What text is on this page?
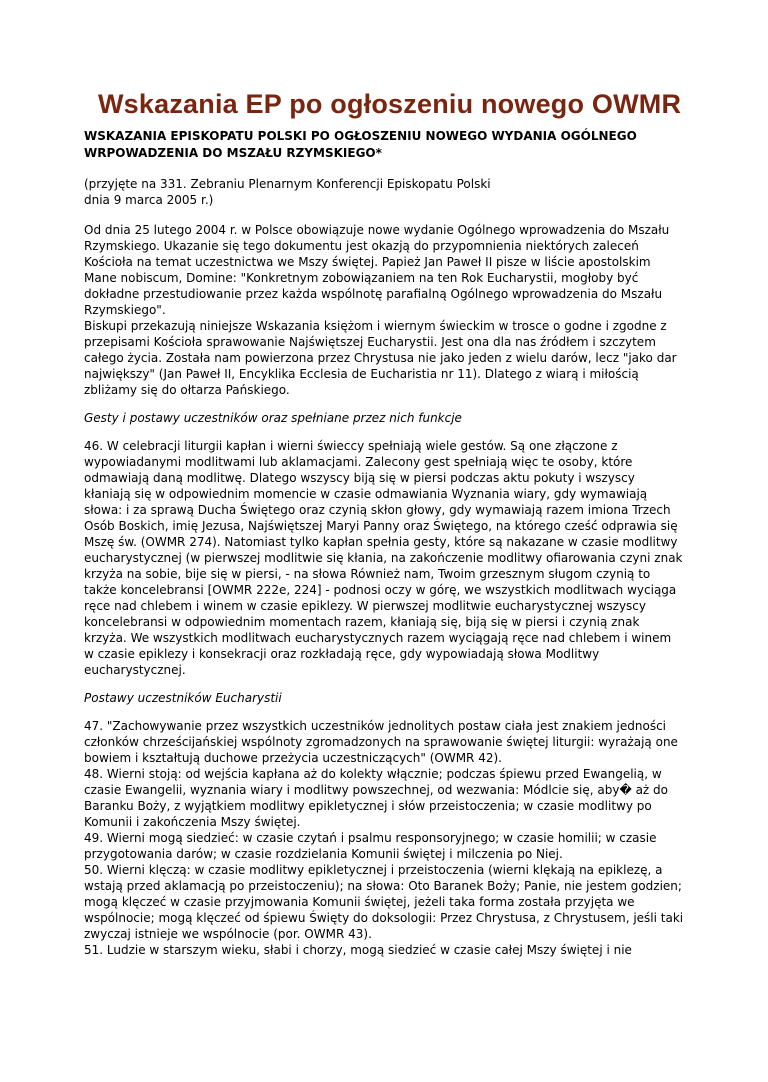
Wskazania EP po ogłoszeniu nowego OWMR
WSKAZANIA EPISKOPATU POLSKI PO OGŁOSZENIU NOWEGO WYDANIA OGÓLNEGO WRPOWADZENIA DO MSZAŁU RZYMSKIEGO*

(przyjęte na 331. Zebraniu Plenarnym Konferencji Episkopatu Polski
dnia 9 marca 2005 r.)

Od dnia 25 lutego 2004 r. w Polsce obowiązuje nowe wydanie Ogólnego wprowadzenia do Mszału Rzymskiego. Ukazanie się tego dokumentu jest okazją do przypomnienia niektórych zaleceń Kościoła na temat uczestnictwa we Mszy świętej. Papież Jan Paweł II pisze w liście apostolskim Mane nobiscum, Domine: "Konkretnym zobowiązaniem na ten Rok Eucharystii, mogłoby być dokładne przestudiowanie przez każda wspólnotę parafialną Ogólnego wprowadzenia do Mszału Rzymskiego".
Biskupi przekazują niniejsze Wskazania księżom i wiernym świeckim w trosce o godne i zgodne z przepisami Kościoła sprawowanie Najświętszej Eucharystii. Jest ona dla nas źródłem i szczytem całego życia. Została nam powierzona przez Chrystusa nie jako jeden z wielu darów, lecz "jako dar największy" (Jan Paweł II, Encyklika Ecclesia de Eucharistia nr 11). Dlatego z wiarą i miłością zbliżamy się do ołtarza Pańskiego.

Gesty i postawy uczestników oraz spełniane przez nich funkcje

46. W celebracji liturgii kapłan i wierni świeccy spełniają wiele gestów. Są one złączone z wypowiadanymi modlitwami lub aklamacjami. Zalecony gest spełniają więc te osoby, które odmawiają daną modlitwę. Dlatego wszyscy biją się w piersi podczas aktu pokuty i wszyscy kłaniają się w odpowiednim momencie w czasie odmawiania Wyznania wiary, gdy wymawiają słowa: i za sprawą Ducha Świętego oraz czynią skłon głowy, gdy wymawiają razem imiona Trzech Osób Boskich, imię Jezusa, Najświętszej Maryi Panny oraz Świętego, na którego cześć odprawia się Mszę św. (OWMR 274). Natomiast tylko kapłan spełnia gesty, które są nakazane w czasie modlitwy eucharystycznej (w pierwszej modlitwie się kłania, na zakończenie modlitwy ofiarowania czyni znak krzyża na sobie, bije się w piersi, - na słowa Również nam, Twoim grzesznym sługom czynią to także koncelebransi [OWMR 222e, 224] - podnosi oczy w górę, we wszystkich modlitwach wyciąga ręce nad chlebem i winem w czasie epiklezy. W pierwszej modlitwie eucharystycznej wszyscy koncelebransi w odpowiednim momentach razem, kłaniają się, biją się w piersi i czynią znak krzyża. We wszystkich modlitwach eucharystycznych razem wyciągają ręce nad chlebem i winem w czasie epiklezy i konsekracji oraz rozkładają ręce, gdy wypowiadają słowa Modlitwy eucharystycznej.

Postawy uczestników Eucharystii

47. "Zachowywanie przez wszystkich uczestników jednolitych postaw ciała jest znakiem jedności członków chrześcijańskiej wspólnoty zgromadzonych na sprawowanie świętej liturgii: wyrażają one bowiem i kształtują duchowe przeżycia uczestniczących" (OWMR 42).
48. Wierni stoją: od wejścia kapłana aż do kolekty włącznie; podczas śpiewu przed Ewangelią, w czasie Ewangelii, wyznania wiary i modlitwy powszechnej, od wezwania: Módlcie się, aby� aż do Baranku Boży, z wyjątkiem modlitwy epikletycznej i słów przeistoczenia; w czasie modlitwy po Komunii i zakończenia Mszy świętej.
49. Wierni mogą siedzieć: w czasie czytań i psalmu responsoryjnego; w czasie homilii; w czasie przygotowania darów; w czasie rozdzielania Komunii świętej i milczenia po Niej.
50. Wierni klęczą: w czasie modlitwy epikletycznej i przeistoczenia (wierni klękają na epiklezę, a wstają przed aklamacją po przeistoczeniu); na słowa: Oto Baranek Boży; Panie, nie jestem godzien; mogą klęczeć w czasie przyjmowania Komunii świętej, jeżeli taka forma została przyjęta we wspólnocie; mogą klęczeć od śpiewu Święty do doksologii: Przez Chrystusa, z Chrystusem, jeśli taki zwyczaj istnieje we wspólnocie (por. OWMR 43).
51. Ludzie w starszym wieku, słabi i chorzy, mogą siedzieć w czasie całej Mszy świętej i nie
